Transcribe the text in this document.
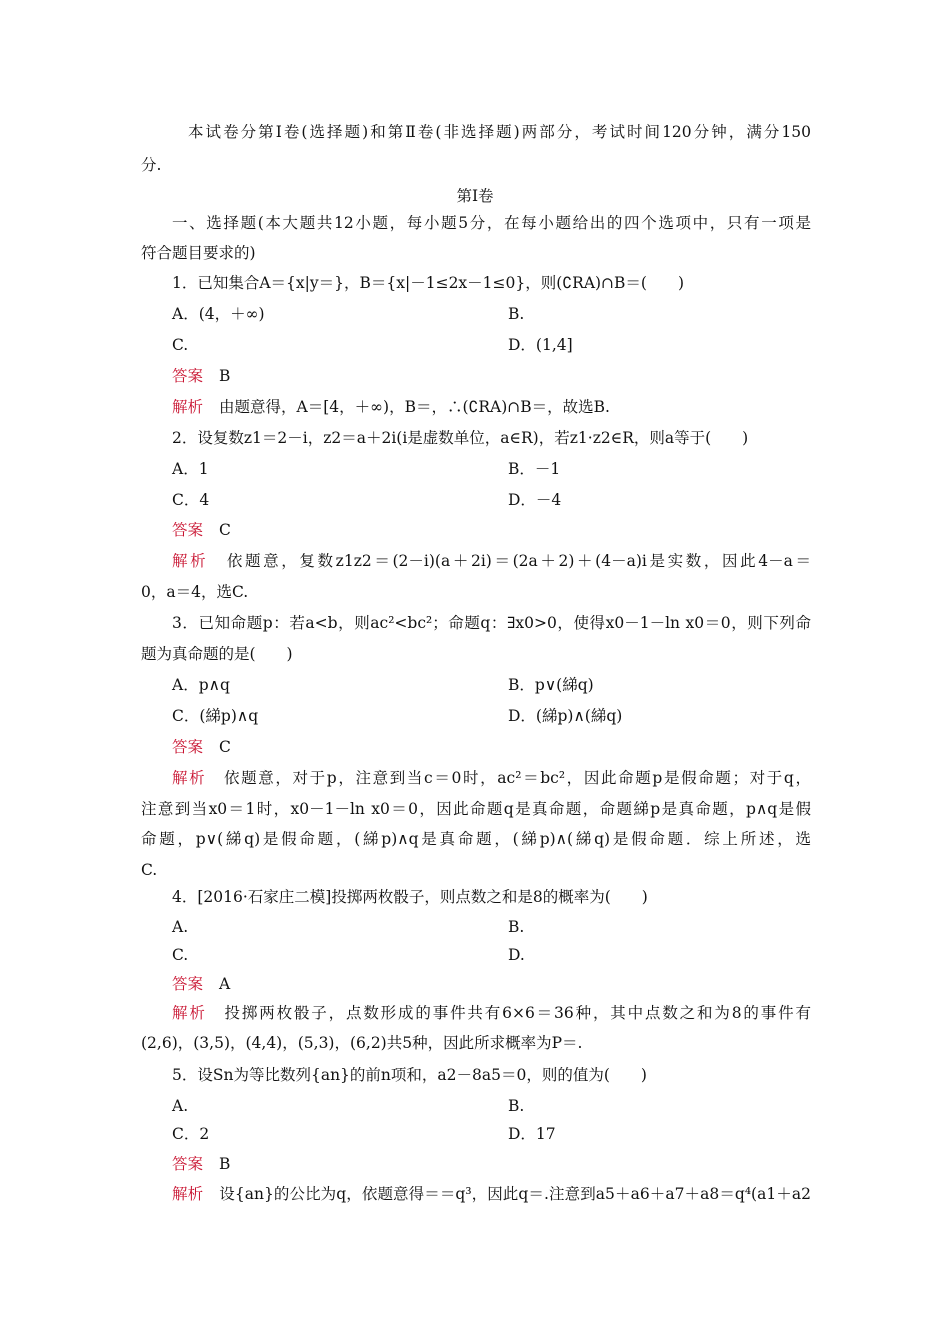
本试卷分第Ⅰ卷(选择题)和第Ⅱ卷(非选择题)两部分，考试时间120分钟，满分150
分.
第Ⅰ卷
一、选择题(本大题共12小题，每小题5分，在每小题给出的四个选项中，只有一项是
符合题目要求的)
1．已知集合A＝{x|y＝}，B＝{x|－1≤2x－1≤0}，则(∁RA)∩B＝(　　)
A．(4，＋∞)	B.
C.	D．(1,4]
答案 B
解析 由题意得，A＝[4，＋∞)，B＝，∴(∁RA)∩B＝，故选B.
2．设复数z1＝2－i，z2＝a＋2i(i是虚数单位，a∈R)，若z1·z2∈R，则a等于(　　)
A．1	B．－1
C．4	D．－4
答案 C
解析 依题意，复数z1z2＝(2－i)(a＋2i)＝(2a＋2)＋(4－a)i是实数，因此4－a＝
0，a＝4，选C.
3．已知命题p：若a<b，则ac²<bc²；命题q：∃x0>0，使得x0－1－ln x0＝0，则下列命
题为真命题的是(　　)
A．p∧q	B．p∨(綈q)
C．(綈p)∧q	D．(綈p)∧(綈q)
答案 C
解析 依题意，对于p，注意到当c＝0时，ac²＝bc²，因此命题p是假命题；对于q，
注意到当x0＝1时，x0－1－ln x0＝0，因此命题q是真命题，命题綈p是真命题，p∧q是假
命题，p∨(綈q)是假命题，(綈p)∧q是真命题，(綈p)∧(綈q)是假命题．综上所述，选
C.
4．[2016·石家庄二模]投掷两枚骰子，则点数之和是8的概率为(　　)
A.	B.
C.	D.
答案 A
解析 投掷两枚骰子，点数形成的事件共有6×6＝36种，其中点数之和为8的事件有
(2,6)，(3,5)，(4,4)，(5,3)，(6,2)共5种，因此所求概率为P＝.
5．设Sn为等比数列{an}的前n项和，a2－8a5＝0，则的值为(　　)
A.	B.
C．2	D．17
答案 B
解析 设{an}的公比为q，依题意得＝＝q³，因此q＝.注意到a5＋a6＋a7＋a8＝q⁴(a1＋a2
